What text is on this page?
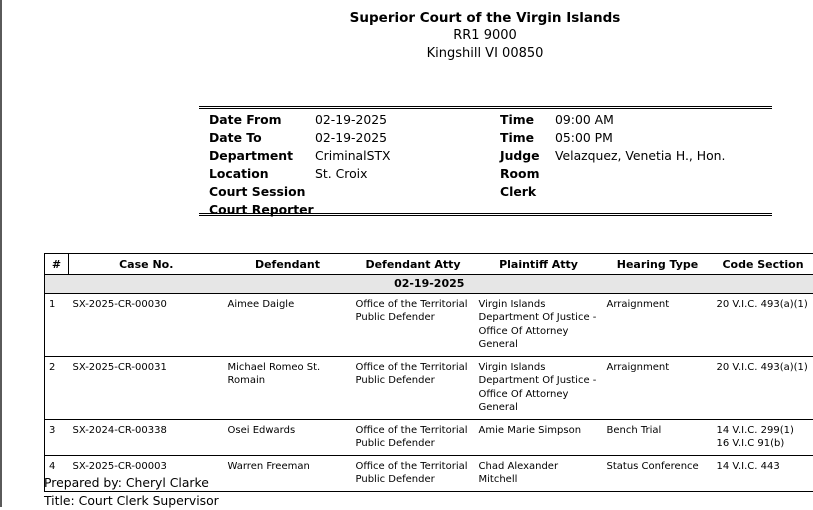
Superior Court of the Virgin Islands
RR1 9000
Kingshill VI 00850
Date From	02-19-2025	Time 09:00 AM
Date To	02-19-2025	Time 05:00 PM
Department CriminalSTX	Judge Velazquez, Venetia H., Hon.
Location	St. Croix	Room
Court Session	Clerk
Court Reporter
#	Case No.	Defendant	Defendant Atty	Plaintiff Atty	Hearing Type	Code Section
02-19-2025						
1	SX-2025-CR-00030	Aimee Daigle	Office of the Territorial Public Defender	Virgin Islands Department Of Justice - Office Of Attorney General	Arraignment	20 V.I.C. 493(a)(1)
2	SX-2025-CR-00031	Michael Romeo St. Romain	Office of the Territorial Public Defender	Virgin Islands Department Of Justice - Office Of Attorney General	Arraignment	20 V.I.C. 493(a)(1)
3	SX-2024-CR-00338	Osei Edwards	Office of the Territorial Public Defender	Amie Marie Simpson	Bench Trial	14 V.I.C. 299(1)
16 V.I.C 91(b)
4	SX-2025-CR-00003	Warren Freeman	Office of the Territorial Public Defender	Chad Alexander Mitchell	Status Conference	14 V.I.C. 443
Prepared by: Cheryl Clarke
Title: Court Clerk Supervisor
